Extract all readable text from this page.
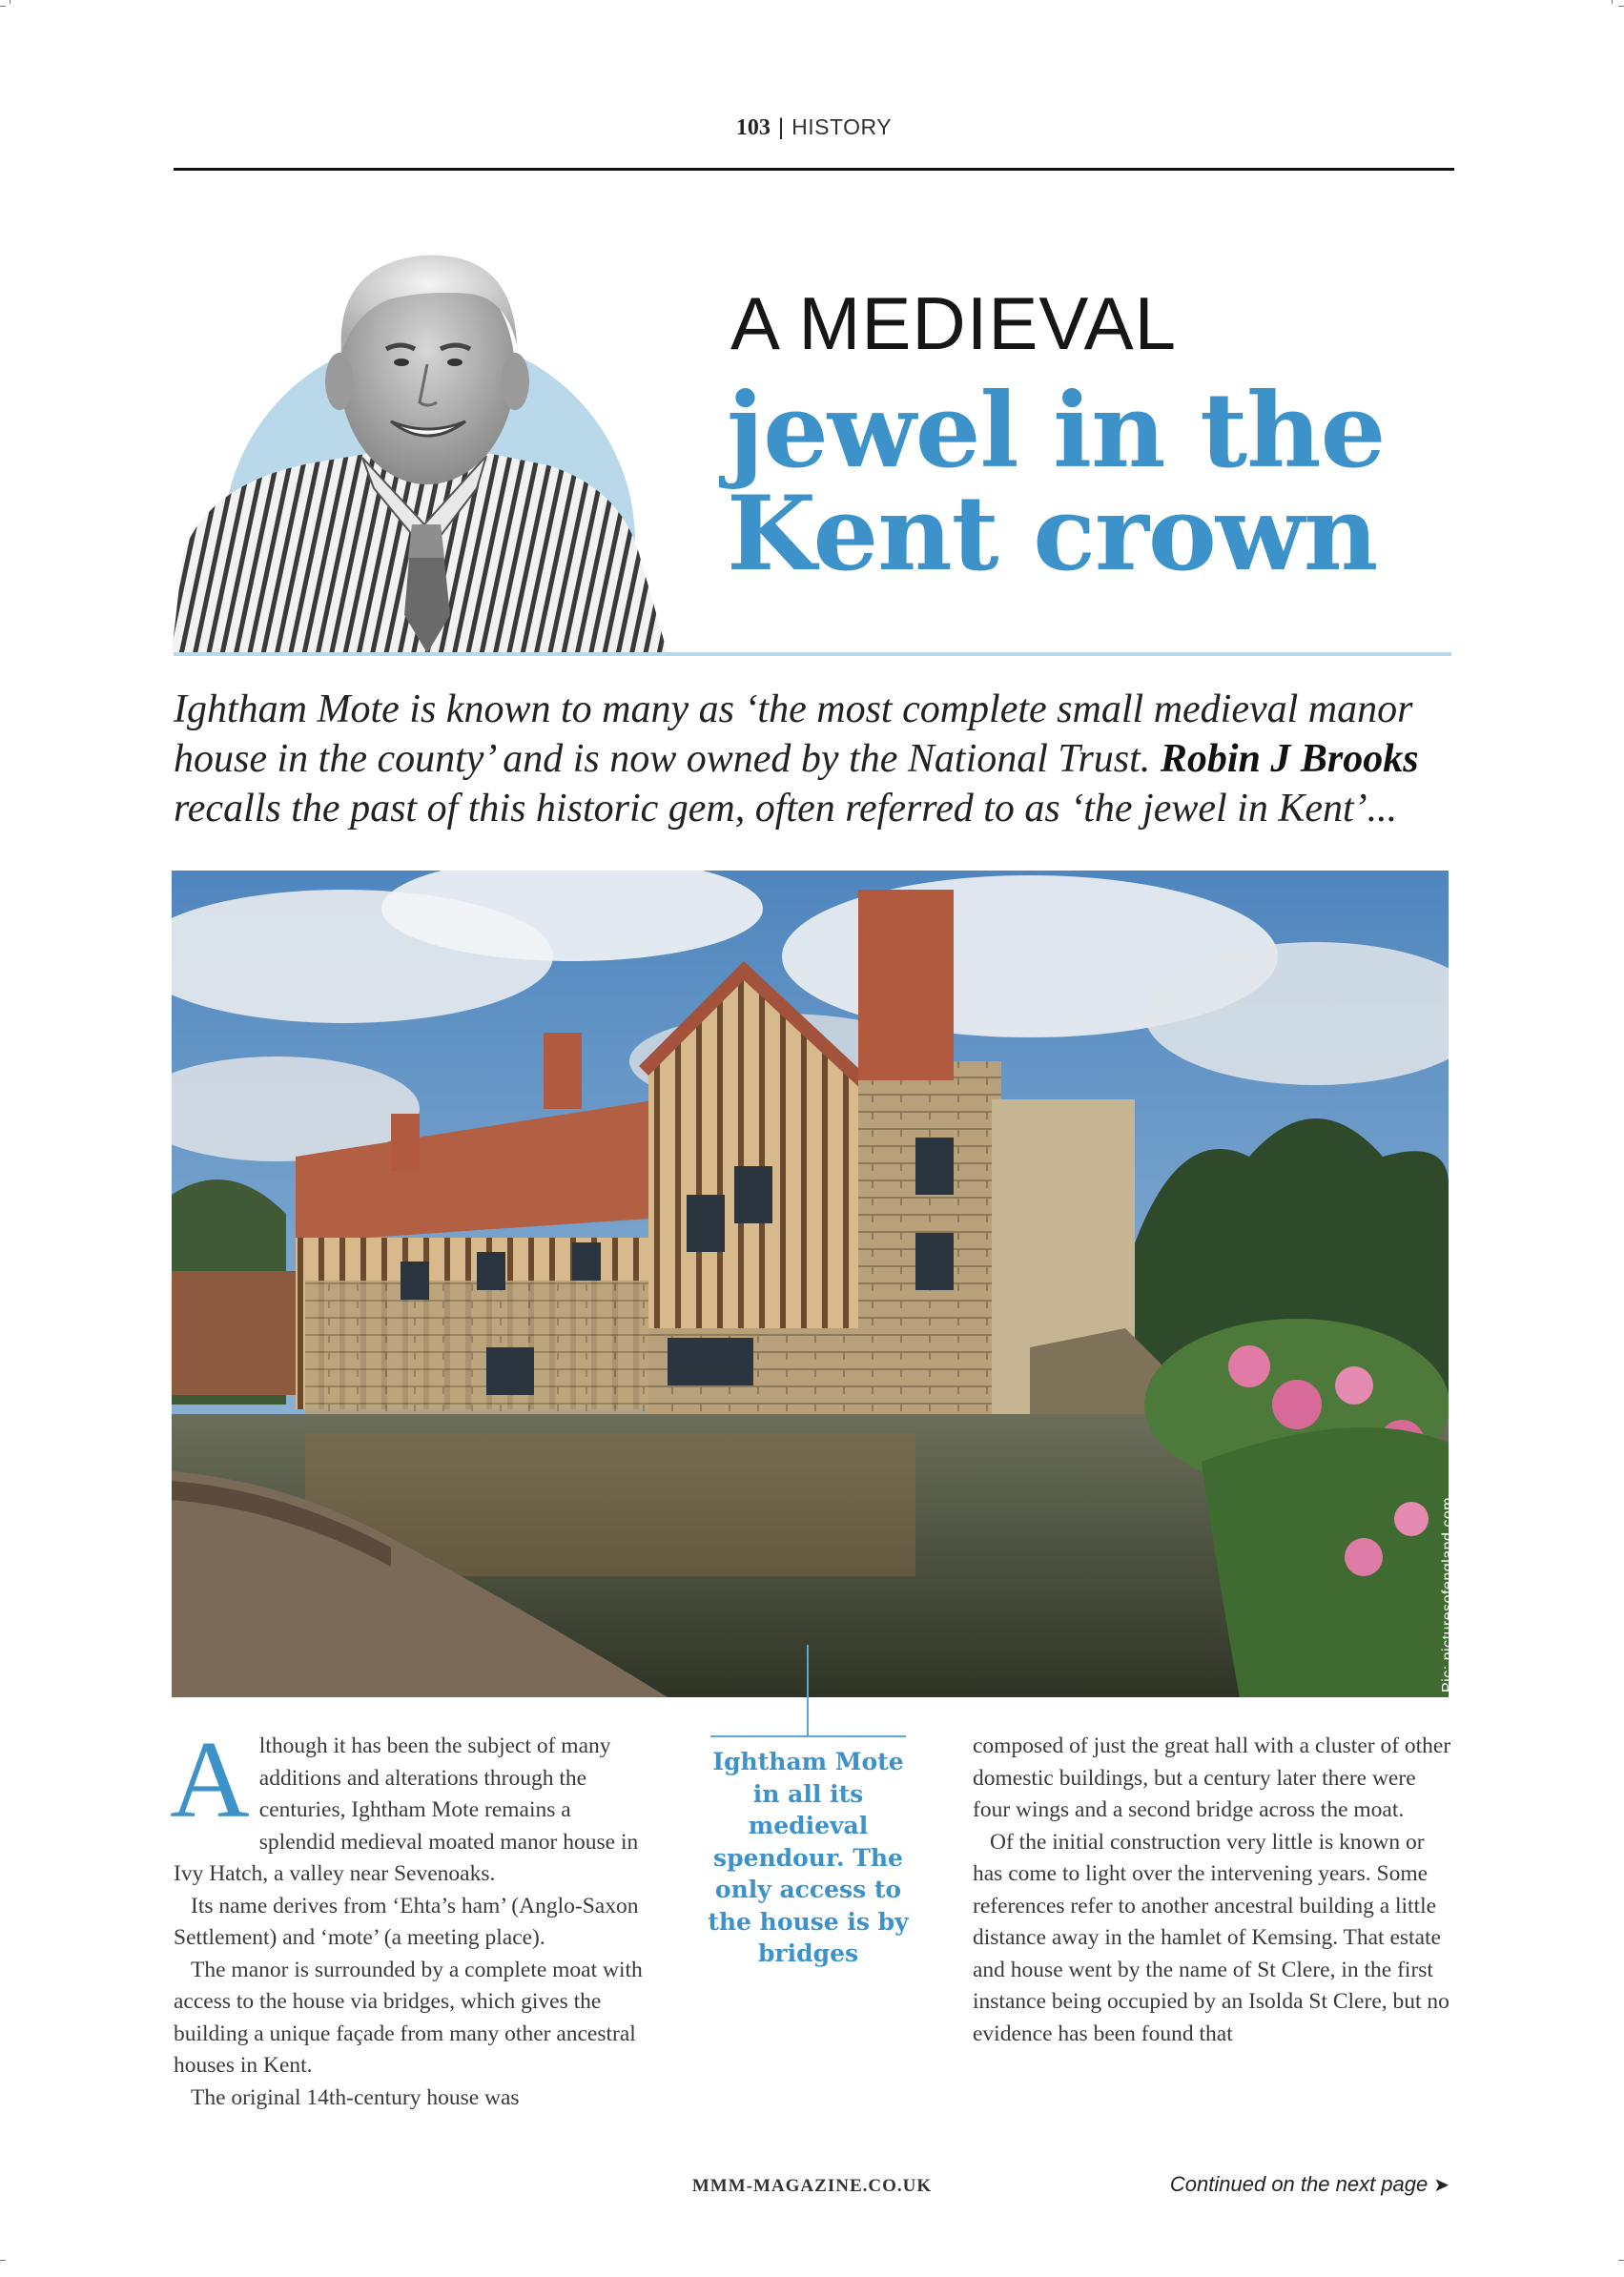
103 | HISTORY
A MEDIEVAL
jewel in the
Kent crown
Ightham Mote is known to many as ‘the most complete small medieval manor house in the county’ and is now owned by the National Trust. Robin J Brooks recalls the past of this historic gem, often referred to as ‘the jewel in Kent’...
Pic: picturesofengland.com
A lthough it has been the subject of many additions and alterations through the centuries, Ightham Mote remains a splendid medieval moated manor house in Ivy Hatch, a valley near Sevenoaks.

Its name derives from ‘Ehta’s ham’ (Anglo-Saxon Settlement) and ‘mote’ (a meeting place).

The manor is surrounded by a complete moat with access to the house via bridges, which gives the building a unique façade from many other ancestral houses in Kent.

The original 14th-century house was

Ightham Mote in all its medieval spendour. The only access to the house is by bridges

composed of just the great hall with a cluster of other domestic buildings, but a century later there were four wings and a second bridge across the moat.

Of the initial construction very little is known or has come to light over the intervening years. Some references refer to another ancestral building a little distance away in the hamlet of Kemsing. That estate and house went by the name of St Clere, in the first instance being occupied by an Isolda St Clere, but no evidence has been found that

MMM-MAGAZINE.CO.UK	Continued on the next page ➤
